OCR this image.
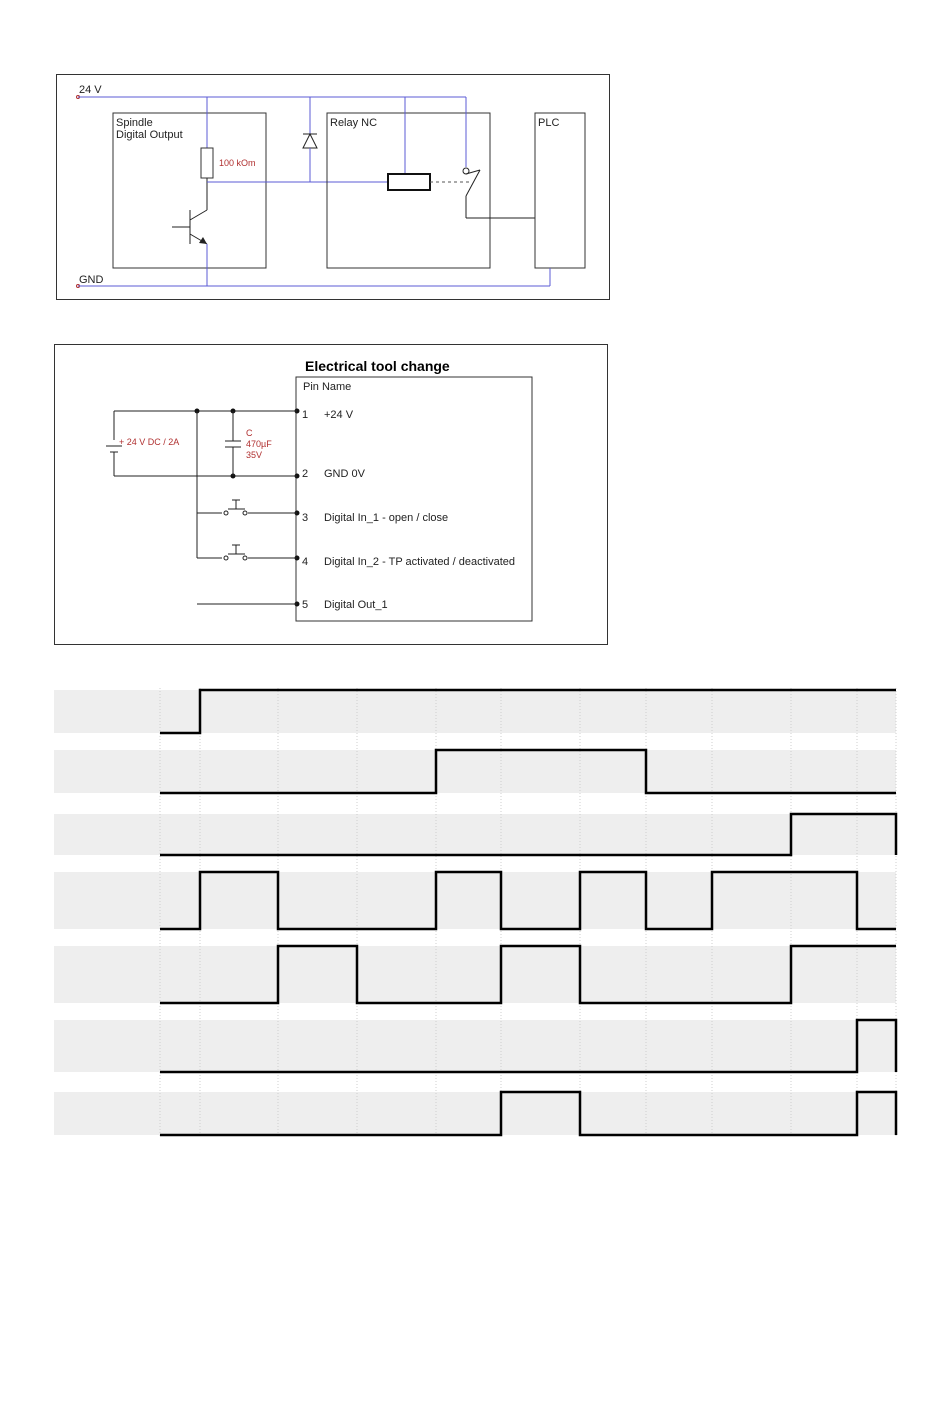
24 V
GND
Spindle
Digital Output
100 kOm
Relay NC	PLC
Electrical tool change
Pin Name
1 +24 V
2 GND 0V
3 Digital In_1 - open / close
4 Digital In_2 - TP activated / deactivated
5 Digital Out_1
+ 24 V DC / 2A
C
470µF
35V
